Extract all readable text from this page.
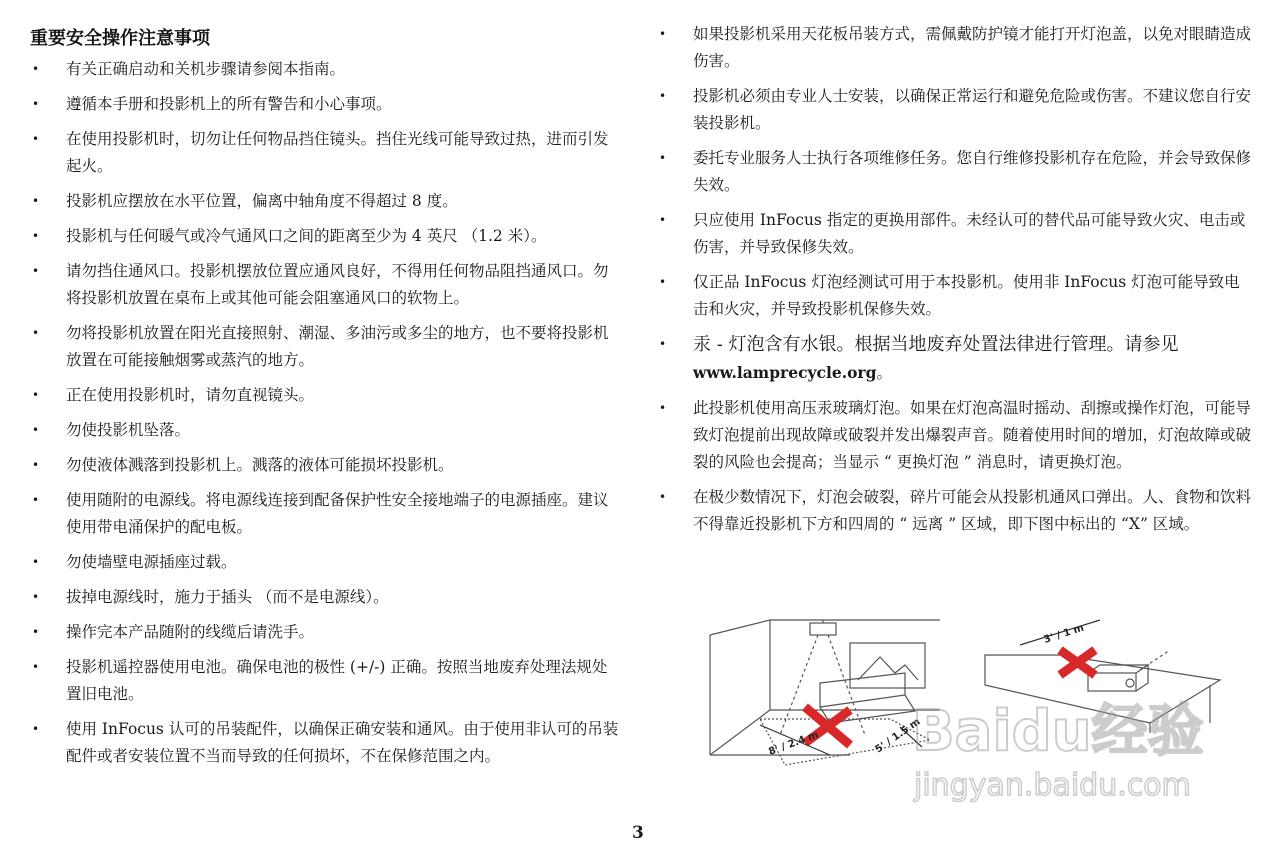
重要安全操作注意事项
• 有关正确启动和关机步骤请参阅本指南。
• 遵循本手册和投影机上的所有警告和小心事项。
• 在使用投影机时，切勿让任何物品挡住镜头。挡住光线可能导致过热，进而引发起火。
• 投影机应摆放在水平位置，偏离中轴角度不得超过 8 度。
• 投影机与任何暖气或冷气通风口之间的距离至少为 4 英尺 （1.2 米）。
• 请勿挡住通风口。投影机摆放位置应通风良好，不得用任何物品阻挡通风口。勿将投影机放置在桌布上或其他可能会阻塞通风口的软物上。
• 勿将投影机放置在阳光直接照射、潮湿、多油污或多尘的地方，也不要将投影机放置在可能接触烟雾或蒸汽的地方。
• 正在使用投影机时，请勿直视镜头。
• 勿使投影机坠落。
• 勿使液体溅落到投影机上。溅落的液体可能损坏投影机。
• 使用随附的电源线。将电源线连接到配备保护性安全接地端子的电源插座。建议使用带电涌保护的配电板。
• 勿使墙壁电源插座过载。
• 拔掉电源线时，施力于插头 （而不是电源线）。
• 操作完本产品随附的线缆后请洗手。
• 投影机遥控器使用电池。确保电池的极性 (+/-) 正确。按照当地废弃处理法规处置旧电池。
• 使用 InFocus 认可的吊装配件，以确保正确安装和通风。由于使用非认可的吊装配件或者安装位置不当而导致的任何损坏，不在保修范围之内。
• 如果投影机采用天花板吊装方式，需佩戴防护镜才能打开灯泡盖，以免对眼睛造成伤害。
• 投影机必须由专业人士安装，以确保正常运行和避免危险或伤害。不建议您自行安装投影机。
• 委托专业服务人士执行各项维修任务。您自行维修投影机存在危险，并会导致保修失效。
• 只应使用 InFocus 指定的更换用部件。未经认可的替代品可能导致火灾、电击或伤害，并导致保修失效。
• 仅正品 InFocus 灯泡经测试可用于本投影机。使用非 InFocus 灯泡可能导致电击和火灾，并导致投影机保修失效。
• 汞 - 灯泡含有水银。根据当地废弃处置法律进行管理。请参见
www.lamprecycle.org。
• 此投影机使用高压汞玻璃灯泡。如果在灯泡高温时摇动、刮擦或操作灯泡，可能导致灯泡提前出现故障或破裂并发出爆裂声音。随着使用时间的增加，灯泡故障或破裂的风险也会提高；当显示 “ 更换灯泡 ” 消息时，请更换灯泡。
• 在极少数情况下，灯泡会破裂，碎片可能会从投影机通风口弹出。人、食物和饮料不得靠近投影机下方和四周的 “ 远离 ” 区域，即下图中标出的 “X” 区域。
8' / 2.4 m	5' / 1.5 m
3' / 1 m
Baidu经验
jingyan.baidu.com
3
